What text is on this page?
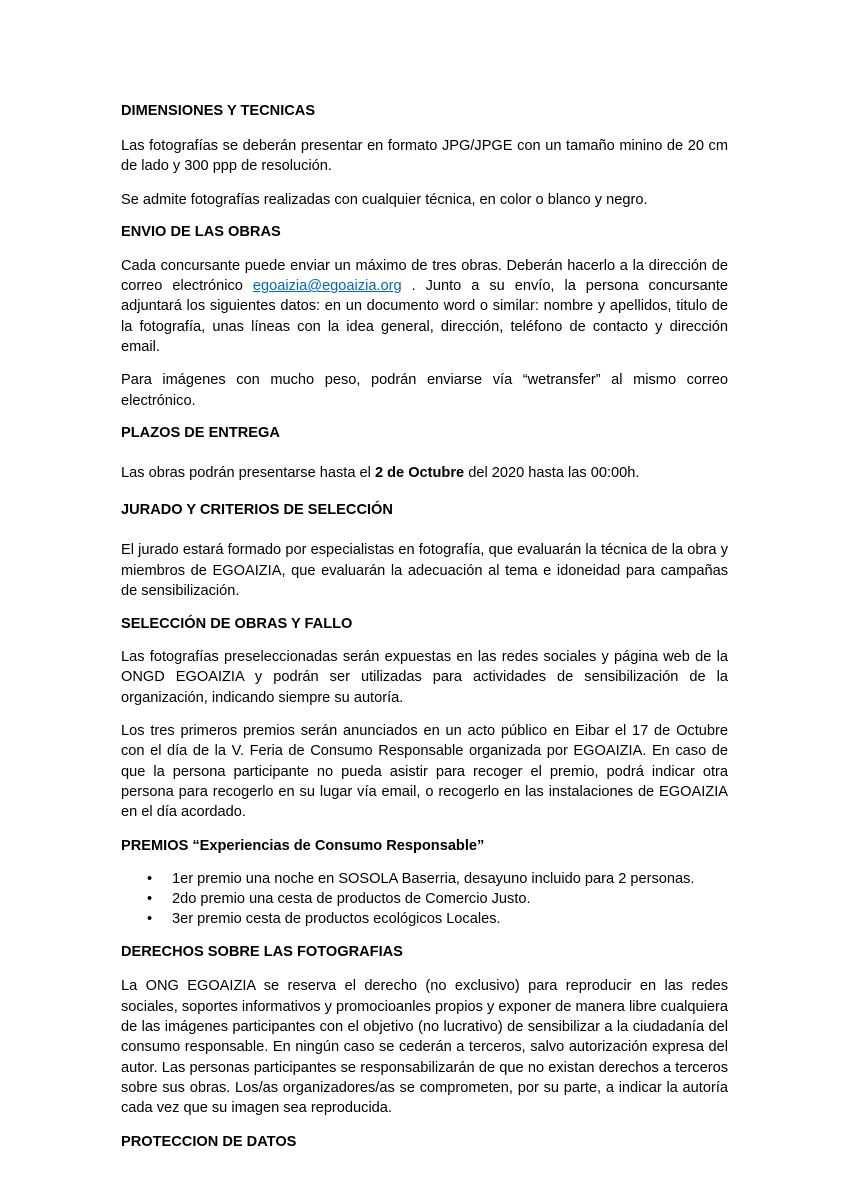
DIMENSIONES Y TECNICAS

Las fotografías se deberán presentar en formato JPG/JPGE con un tamaño minino de 20 cm de lado y 300 ppp de resolución.

Se admite fotografías realizadas con cualquier técnica, en color o blanco y negro.

ENVIO DE LAS OBRAS

Cada concursante puede enviar un máximo de tres obras. Deberán hacerlo a la dirección de correo electrónico egoaizia@egoaizia.org . Junto a su envío, la persona concursante adjuntará los siguientes datos: en un documento word o similar: nombre y apellidos, titulo de la fotografía, unas líneas con la idea general, dirección, teléfono de contacto y dirección email.

Para imágenes con mucho peso, podrán enviarse vía “wetransfer” al mismo correo electrónico.

PLAZOS DE ENTREGA

Las obras podrán presentarse hasta el 2 de Octubre del 2020 hasta las 00:00h.

JURADO Y CRITERIOS DE SELECCIÓN

El jurado estará formado por especialistas en fotografía, que evaluarán la técnica de la obra y miembros de EGOAIZIA, que evaluarán la adecuación al tema e idoneidad para campañas de sensibilización.

SELECCIÓN DE OBRAS Y FALLO

Las fotografías preseleccionadas serán expuestas en las redes sociales y página web de la ONGD EGOAIZIA y podrán ser utilizadas para actividades de sensibilización de la organización, indicando siempre su autoría.

Los tres primeros premios serán anunciados en un acto público en Eibar el 17 de Octubre con el día de la V. Feria de Consumo Responsable organizada por EGOAIZIA. En caso de que la persona participante no pueda asistir para recoger el premio, podrá indicar otra persona para recogerlo en su lugar vía email, o recogerlo en las instalaciones de EGOAIZIA en el día acordado.

PREMIOS “Experiencias de Consumo Responsable”
• 1er premio una noche en SOSOLA Baserria, desayuno incluido para 2 personas.
• 2do premio una cesta de productos de Comercio Justo.
• 3er premio cesta de productos ecológicos Locales.
DERECHOS SOBRE LAS FOTOGRAFIAS

La ONG EGOAIZIA se reserva el derecho (no exclusivo) para reproducir en las redes sociales, soportes informativos y promocioanles propios y exponer de manera libre cualquiera de las imágenes participantes con el objetivo (no lucrativo) de sensibilizar a la ciudadanía del consumo responsable. En ningún caso se cederán a terceros, salvo autorización expresa del autor. Las personas participantes se responsabilizarán de que no existan derechos a terceros sobre sus obras. Los/as organizadores/as se comprometen, por su parte, a indicar la autoría cada vez que su imagen sea reproducida.

PROTECCION DE DATOS
